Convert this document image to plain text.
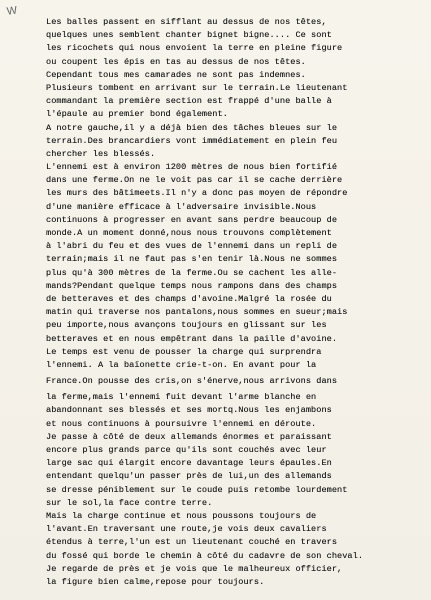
W
Les balles passent en sifflant au dessus de nos têtes,
quelques unes semblent chanter bignet bigne.... Ce sont
les ricochets qui nous envoient la terre en pleine figure
ou coupent les épis en tas au dessus de nos têtes.
Cependant tous mes camarades ne sont pas indemnes.
Plusieurs tombent en arrivant sur le terrain.Le lieutenant
commandant la première section est frappé d'une balle à
l'épaule au premier bond également.
A notre gauche,il y a déjà bien des tâches bleues sur le
terrain.Des brancardiers vont immédiatement en plein feu
chercher les blessés.
L'ennemi est à environ 1200 mètres de nous bien fortifié
dans une ferme.On ne le voit pas car il se cache derrière
les murs des bâtimeets.Il n'y a donc pas moyen de répondre
d'une manière efficace à l'adversaire invisible.Nous
continuons à progresser en avant sans perdre beaucoup de
monde.A un moment donné,nous nous trouvons complètement
à l'abri du feu et des vues de l'ennemi dans un repli de
terrain;mais il ne faut pas s'en tenir là.Nous ne sommes
plus qu'à 300 mètres de la ferme.Ou se cachent les alle-
mands?Pendant quelque temps nous rampons dans des champs
de betteraves et des champs d'avoine.Malgré la rosée du
matin qui traverse nos pantalons,nous sommes en sueur;mais
peu importe,nous avançons toujours en glissant sur les
betteraves et en nous empêtrant dans la paille d'avoine.
Le temps est venu de pousser la charge qui surprendra
l'ennemi. A la baïonette crie-t-on. En avant pour la
France.On pousse des cris,on s'énerve,nous arrivons dans
la ferme,mais l'ennemi fuit devant l'arme blanche en
abandonnant ses blessés et ses mortq.Nous les enjambons
et nous continuons à poursuivre l'ennemi en déroute.
Je passe à côté de deux allemands énormes et paraissant
encore plus grands parce qu'ils sont couchés avec leur
large sac qui élargit encore davantage leurs épaules.En
entendant quelqu'un passer près de lui,un des allemands
se dresse péniblement sur le coude puis retombe lourdement
sur le sol,la face contre terre.
Mais la charge continue et nous poussons toujours de
l'avant.En traversant une route,je vois deux cavaliers
étendus à terre,l'un est un lieutenant couché en travers
du fossé qui borde le chemin à côté du cadavre de son cheval.
Je regarde de près et je vois que le malheureux officier,
la figure bien calme,repose pour toujours.
